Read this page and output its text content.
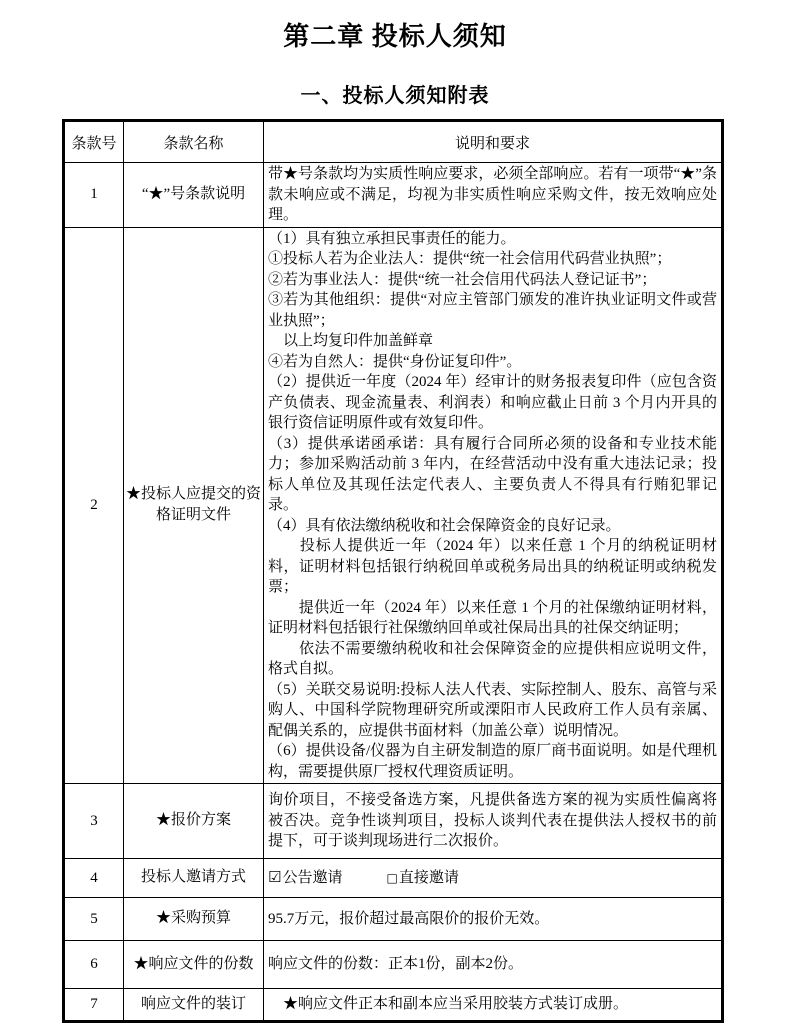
第二章 投标人须知
一、投标人须知附表
条款号	条款名称	说明和要求
1	“★”号条款说明	带★号条款均为实质性响应要求，必须全部响应。若有一项带“★”条款未响应或不满足，均视为非实质性响应采购文件，按无效响应处理。

2	★投标人应提交的资格证明文件	
（1）具有独立承担民事责任的能力。
①投标人若为企业法人：提供“统一社会信用代码营业执照”；
②若为事业法人：提供“统一社会信用代码法人登记证书”；
③若为其他组织：提供“对应主管部门颁发的准许执业证明文件或营业执照”；
　以上均复印件加盖鲜章
④若为自然人：提供“身份证复印件”。
（2）提供近一年度（2024 年）经审计的财务报表复印件（应包含资产负债表、现金流量表、利润表）和响应截止日前 3 个月内开具的银行资信证明原件或有效复印件。
（3）提供承诺函承诺：具有履行合同所必须的设备和专业技术能力；参加采购活动前 3 年内，在经营活动中没有重大违法记录；投标人单位及其现任法定代表人、主要负责人不得具有行贿犯罪记录。
（4）具有依法缴纳税收和社会保障资金的良好记录。
　　投标人提供近一年（2024 年）以来任意 1 个月的纳税证明材料，证明材料包括银行纳税回单或税务局出具的纳税证明或纳税发票；
　　提供近一年（2024 年）以来任意 1 个月的社保缴纳证明材料，证明材料包括银行社保缴纳回单或社保局出具的社保交纳证明；
　　依法不需要缴纳税收和社会保障资金的应提供相应说明文件，格式自拟。
（5）关联交易说明:投标人法人代表、实际控制人、股东、高管与采购人、中国科学院物理研究所或溧阳市人民政府工作人员有亲属、配偶关系的，应提供书面材料（加盖公章）说明情况。
（6）提供设备/仪器为自主研发制造的原厂商书面说明。如是代理机构，需要提供原厂授权代理资质证明。

3	★报价方案	询价项目，不接受备选方案，凡提供备选方案的视为实质性偏离将被否决。竞争性谈判项目，投标人谈判代表在提供法人授权书的前提下，可于谈判现场进行二次报价。

4	投标人邀请方式	☑公告邀请 □直接邀请
5	★采购预算	95.7万元，报价超过最高限价的报价无效。

6	★响应文件的份数	响应文件的份数：正本1份，副本2份。

7	响应文件的装订	　★响应文件正本和副本应当采用胶装方式装订成册。
